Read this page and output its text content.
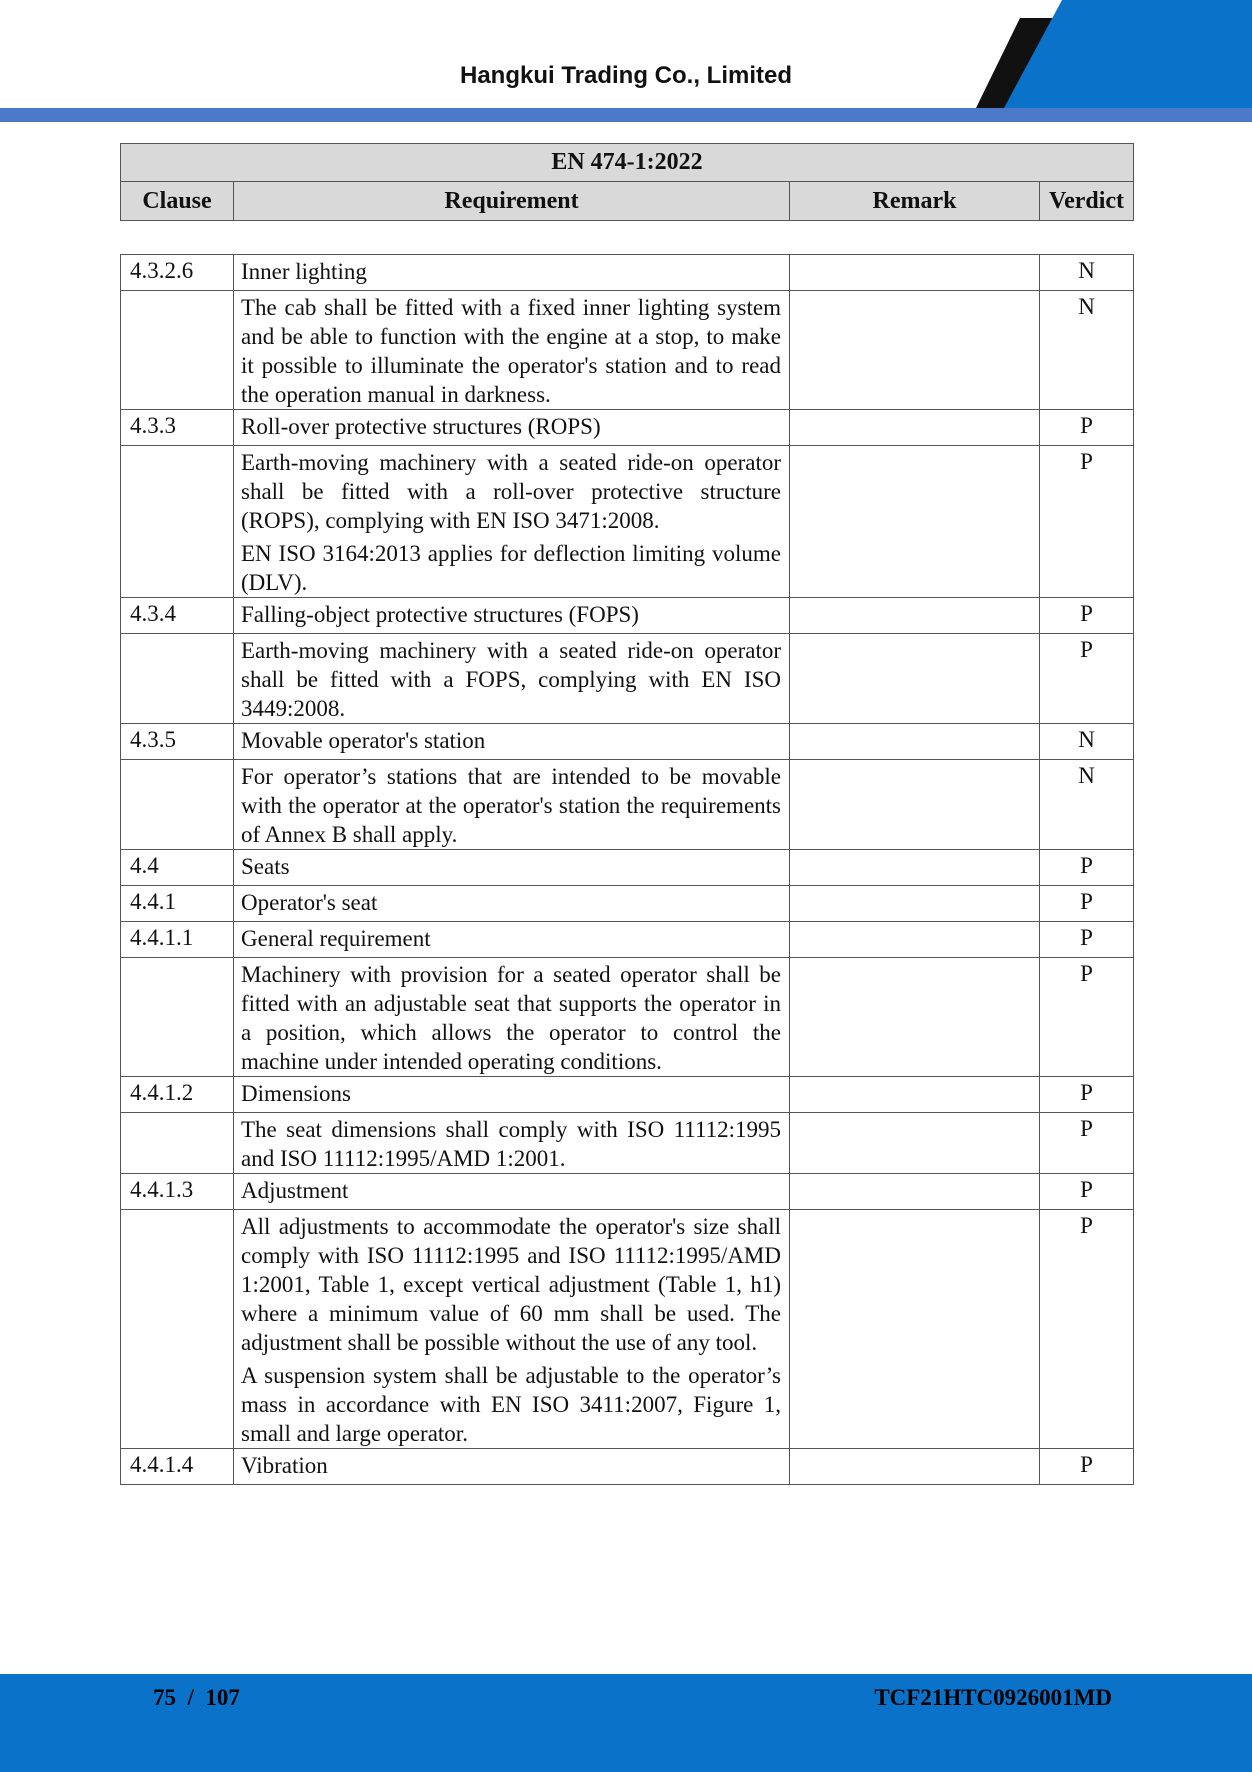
Hangkui Trading Co., Limited
EN 474-1:2022
Clause	Requirement	Remark	Verdict
4.3.2.6	Inner lighting		N

	The cab shall be fitted with a fixed inner lighting system and be able to function with the engine at a stop, to make it possible to illuminate the operator's station and to read the operation manual in darkness.		N
4.3.3	Roll-over protective structures (ROPS)		P

	Earth-moving machinery with a seated ride-on operator shall be fitted with a roll-over protective structure (ROPS), complying with EN ISO 3471:2008.
EN ISO 3164:2013 applies for deflection limiting volume (DLV).		P
4.3.4	Falling-object protective structures (FOPS)		P

	Earth-moving machinery with a seated ride-on operator shall be fitted with a FOPS, complying with EN ISO 3449:2008.		P
4.3.5	Movable operator's station		N

	For operator’s stations that are intended to be movable with the operator at the operator's station the requirements of Annex B shall apply.		N
4.4	Seats		P
4.4.1	Operator's seat		P
4.4.1.1	General requirement		P

	Machinery with provision for a seated operator shall be fitted with an adjustable seat that supports the operator in a position, which allows the operator to control the machine under intended operating conditions.		P
4.4.1.2	Dimensions		P

	The seat dimensions shall comply with ISO 11112:1995 and ISO 11112:1995/AMD 1:2001.		P
4.4.1.3	Adjustment		P

	All adjustments to accommodate the operator's size shall comply with ISO 11112:1995 and ISO 11112:1995/AMD 1:2001, Table 1, except vertical adjustment (Table 1, h1) where a minimum value of 60 mm shall be used. The adjustment shall be possible without the use of any tool.
A suspension system shall be adjustable to the operator’s mass in accordance with EN ISO 3411:2007, Figure 1, small and large operator.		P
4.4.1.4	Vibration		P
75  /  107	TCF21HTC0926001MD
